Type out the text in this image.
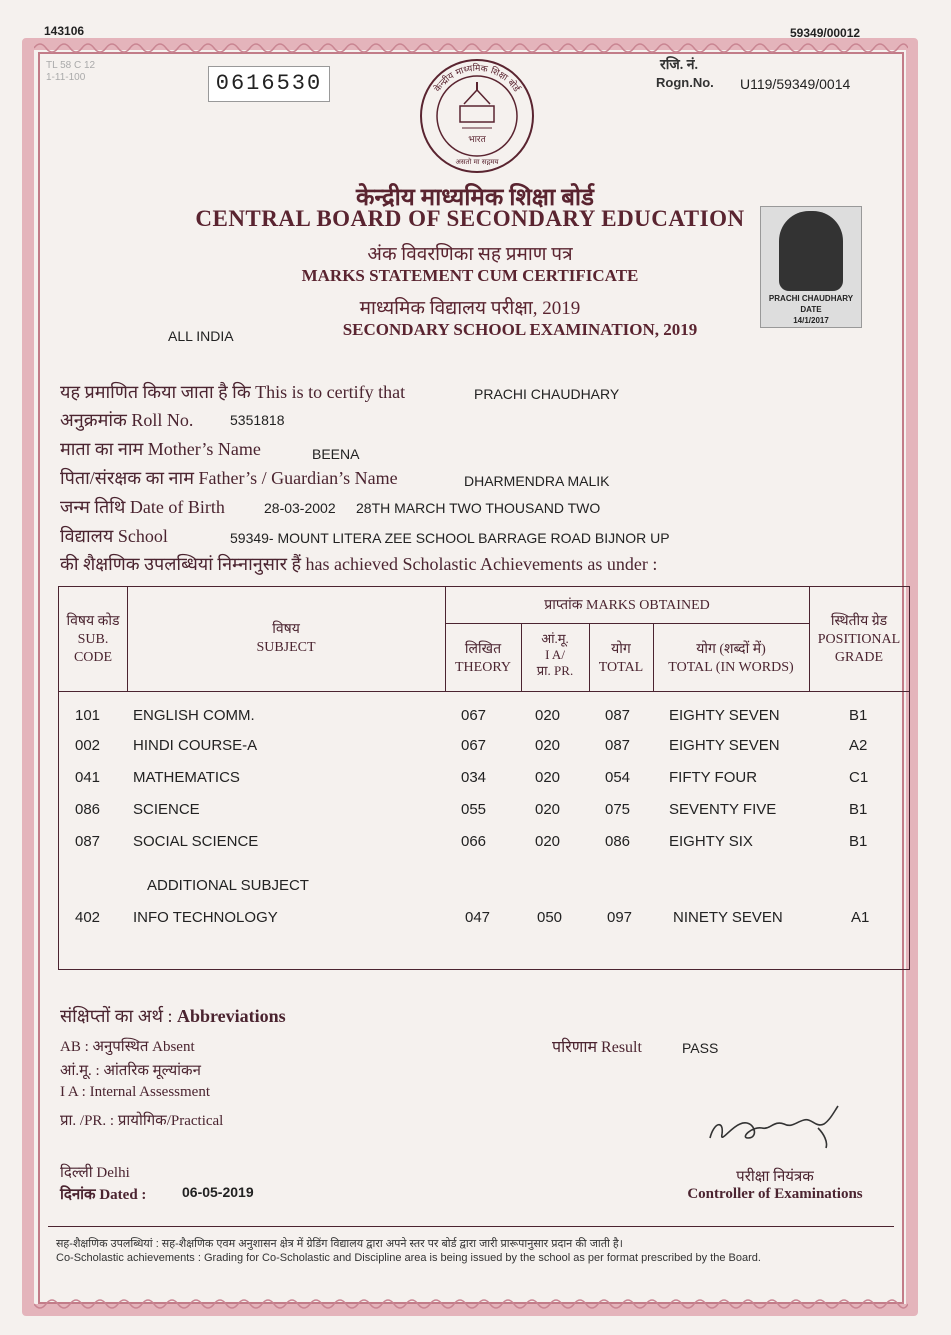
143106	59349/00012
TL 58 C 12
1-11-100	0616530
रजि. नं.
Rogn.No. U119/59349/0014
केन्द्रीय माध्यमिक शिक्षा बोर्ड
भारत
असतो मा सद्गमय
केन्द्रीय माध्यमिक शिक्षा बोर्ड
CENTRAL BOARD OF SECONDARY EDUCATION
अंक विवरणिका सह प्रमाण पत्र
MARKS STATEMENT CUM CERTIFICATE
माध्यमिक विद्यालय परीक्षा, 2019
SECONDARY SCHOOL EXAMINATION, 2019
ALL INDIA
PRACHI CHAUDHARY
DATE
14/1/2017
यह प्रमाणित किया जाता है कि This is to certify that	PRACHI CHAUDHARY
अनुक्रमांक Roll No.	5351818
माता का नाम Mother’s Name	BEENA
पिता/संरक्षक का नाम Father’s / Guardian’s Name	DHARMENDRA MALIK
जन्म तिथि Date of Birth	28-03-2002 28TH MARCH TWO THOUSAND TWO
विद्यालय School	59349- MOUNT LITERA ZEE SCHOOL BARRAGE ROAD BIJNOR UP
की शैक्षणिक उपलब्धियां निम्नानुसार हैं has achieved Scholastic Achievements as under :
विषय कोड
SUB.
CODE
विषय
SUBJECT
प्राप्तांक MARKS OBTAINED
लिखित
THEORY
आं.मू.
I A/
प्रा. PR.
योग
TOTAL
योग (शब्दों में)
TOTAL (IN WORDS)
स्थितीय ग्रेड
POSITIONAL
GRADE
101 ENGLISH COMM.	067	020	087	EIGHTY SEVEN	B1
002 HINDI COURSE-A	067	020	087	EIGHTY SEVEN	A2
041 MATHEMATICS	034	020	054	FIFTY FOUR	C1
086 SCIENCE	055	020	075	SEVENTY FIVE	B1
087 SOCIAL SCIENCE	066	020	086	EIGHTY SIX	B1
ADDITIONAL SUBJECT
402 INFO TECHNOLOGY	047	050	097	NINETY SEVEN	A1
संक्षिप्तों का अर्थ : Abbreviations
AB : अनुपस्थित Absent
आं.मू. : आंतरिक मूल्यांकन
I A : Internal Assessment
प्रा. /PR. : प्रायोगिक/Practical
परिणाम Result	PASS
दिल्ली Delhi
दिनांक Dated :	06-05-2019
परीक्षा नियंत्रक
Controller of Examinations
सह-शैक्षणिक उपलब्धियां : सह-शैक्षणिक एवम अनुशासन क्षेत्र में ग्रेडिंग विद्यालय द्वारा अपने स्तर पर बोर्ड द्वारा जारी प्रारूपानुसार प्रदान की जाती है।
Co-Scholastic achievements : Grading for Co-Scholastic and Discipline area is being issued by the school as per format prescribed by the Board.
